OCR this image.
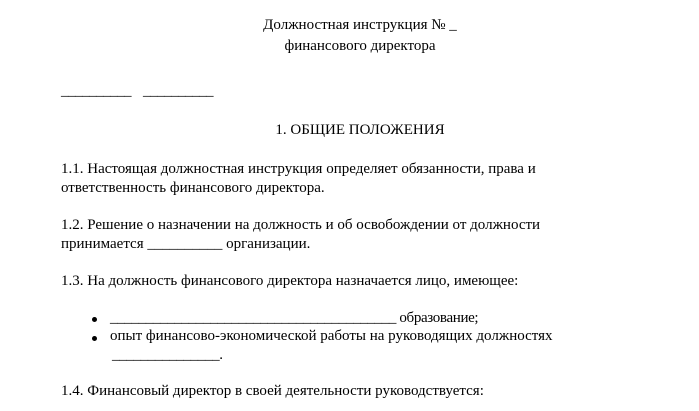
Должностная инструкция № _
финансового директора
__________ __________
1. ОБЩИЕ ПОЛОЖЕНИЯ
1.1. Настоящая должностная инструкция определяет обязанности, права и
ответственность финансового директора.
1.2. Решение о назначении на должность и об освобождении от должности
принимается __________ организации.
1.3. На должность финансового директора назначается лицо, имеющее:
________________________________________ образование;
опыт финансово-экономической работы на руководящих должностях
_______________.
1.4. Финансовый директор в своей деятельности руководствуется:
